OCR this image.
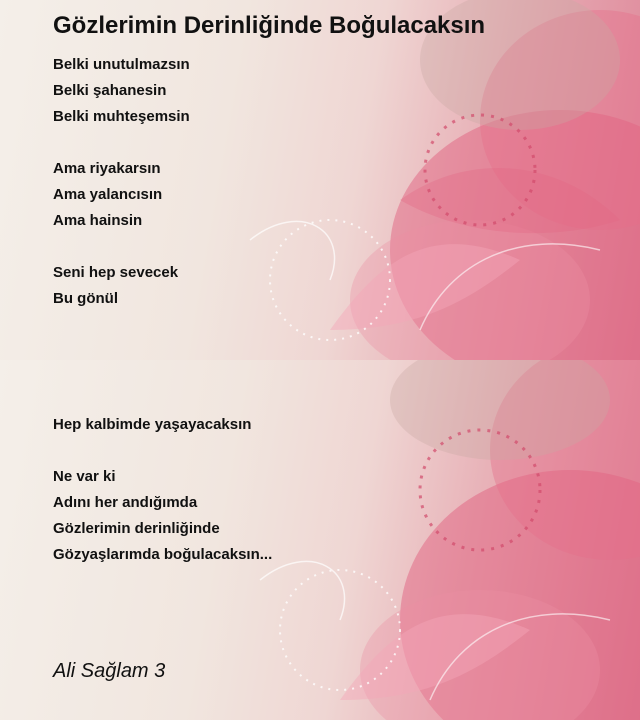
Gözlerimin Derinliğinde Boğulacaksın
Belki unutulmazsın
Belki şahanesin
Belki muhteşemsin
Ama riyakarsın
Ama yalancısın
Ama hainsin
Seni hep sevecek
Bu gönül
Hep kalbimde yaşayacaksın
Ne var ki
Adını her andığımda
Gözlerimin derinliğinde
Gözyaşlarımda boğulacaksın...
Ali Sağlam 3
